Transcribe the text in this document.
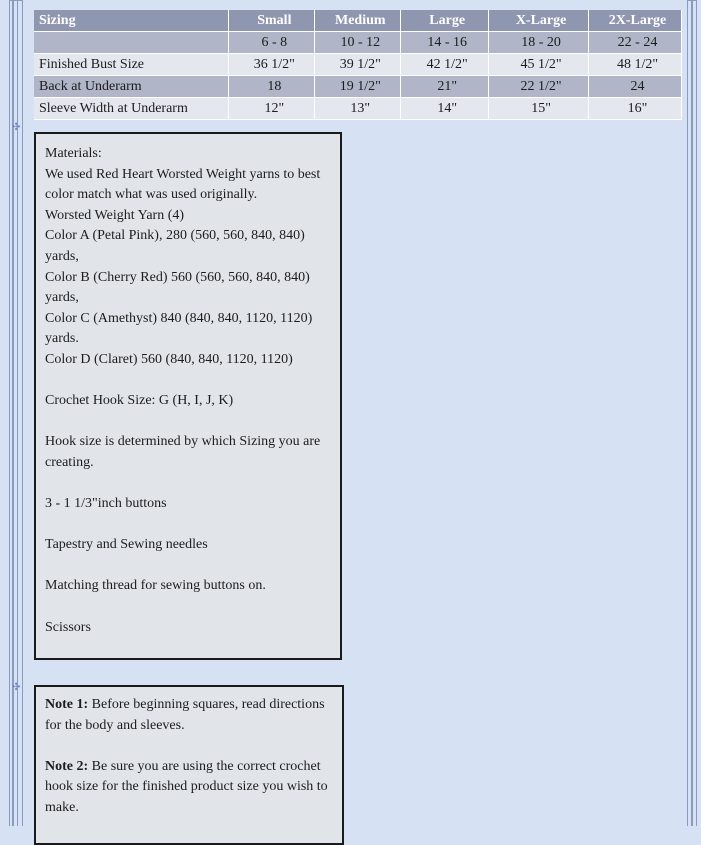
✣
✣
Sizing	Small	Medium	Large	X-Large	2X-Large
	6 - 8	10 - 12	14 - 16	18 - 20	22 - 24
Finished Bust Size	36 1/2"	39 1/2"	42 1/2"	45 1/2"	48 1/2"
Back at Underarm	18	19 1/2"	21"	22 1/2"	24
Sleeve Width at Underarm	12"	13"	14"	15"	16"

Materials:

We used Red Heart Worsted Weight yarns to best color match what was used originally.

Worsted Weight Yarn (4)

Color A (Petal Pink), 280 (560, 560, 840, 840) yards,

Color B (Cherry Red) 560 (560, 560, 840, 840) yards,

Color C (Amethyst) 840 (840, 840, 1120, 1120) yards.

Color D (Claret) 560 (840, 840, 1120, 1120)

Crochet Hook Size: G (H, I, J, K)

Hook size is determined by which Sizing you are creating.

3 - 1 1/3"inch buttons

Tapestry and Sewing needles

Matching thread for sewing buttons on.

Scissors

Note 1: Before beginning squares, read directions for the body and sleeves.

Note 2: Be sure you are using the correct crochet hook size for the finished product size you wish to make.
